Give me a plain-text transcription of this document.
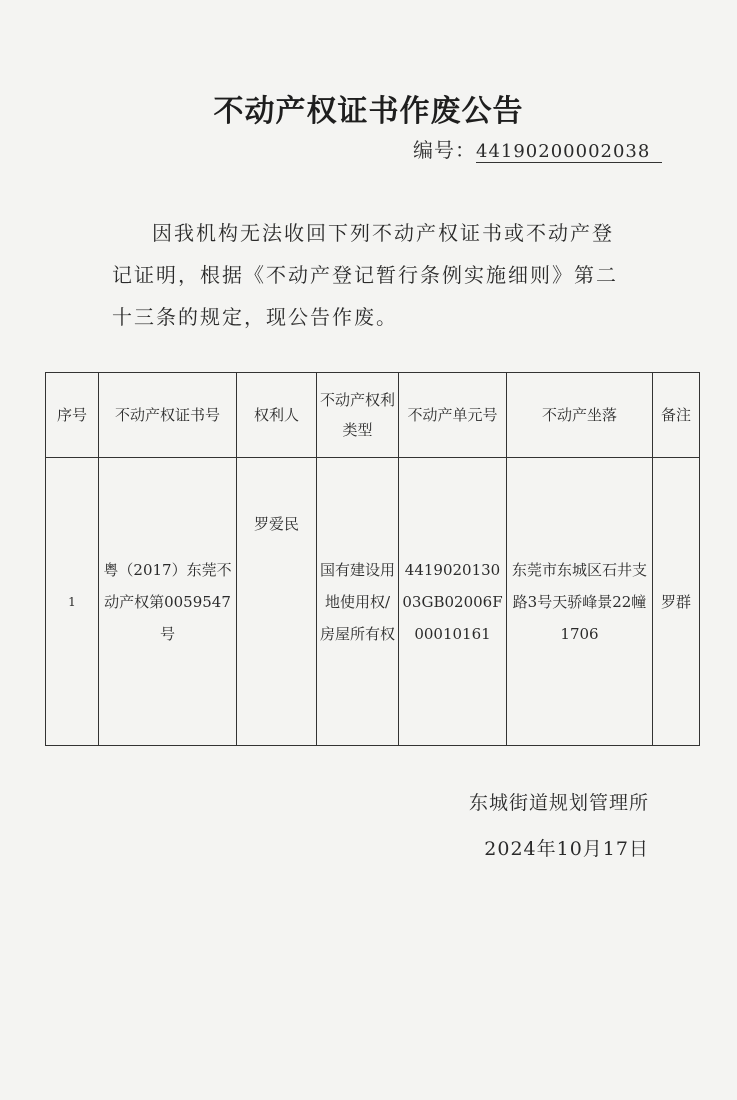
不动产权证书作废公告
编号：44190200002038
因我机构无法收回下列不动产权证书或不动产登记证明，根据《不动产登记暂行条例实施细则》第二十三条的规定，现公告作废。
序号	不动产权证书号	权利人	不动产权利类型	不动产单元号	不动产坐落	备注
1	粤（2017）东莞不动产权第0059547号	罗爱民	国有建设用地使用权/房屋所有权	441902013003GB02006F00010161	东莞市东城区石井支路3号天骄峰景22幢1706	罗群
东城街道规划管理所
2024年10月17日
